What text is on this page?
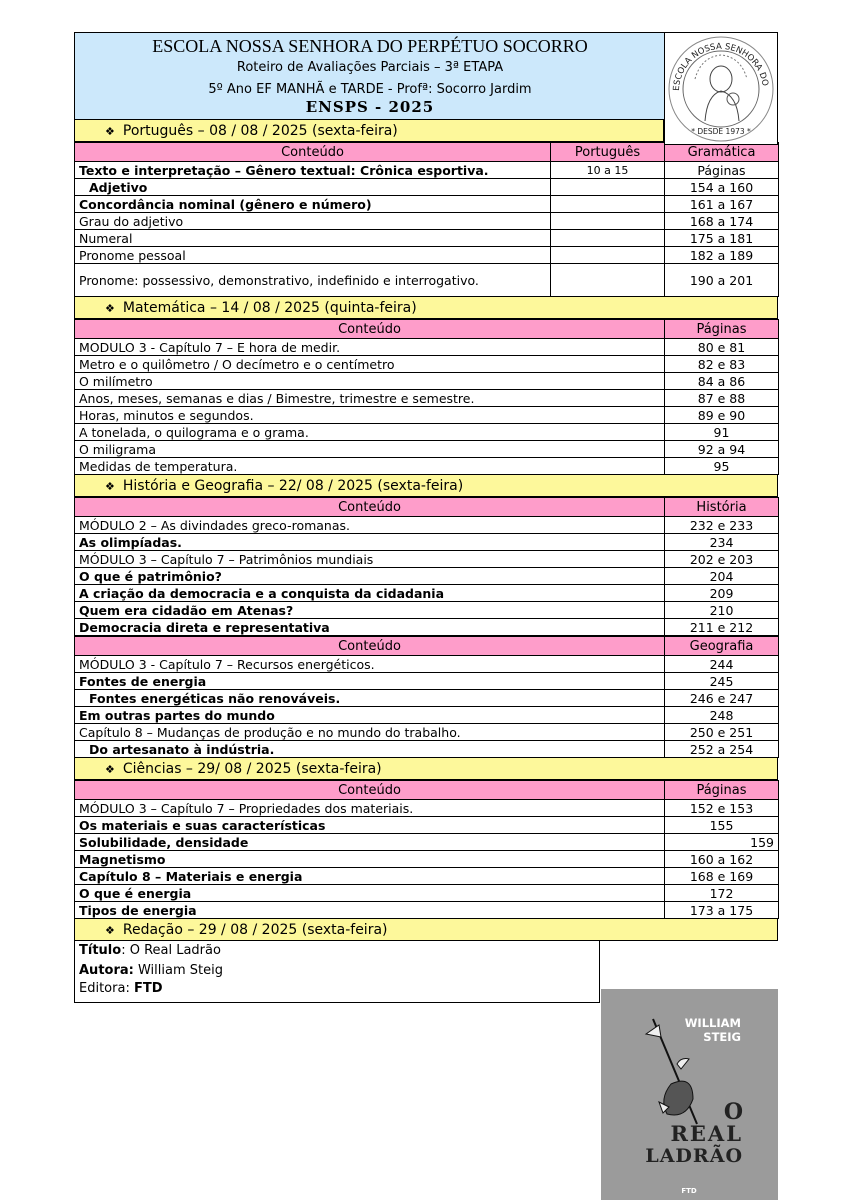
ESCOLA NOSSA SENHORA DO PERPÉTUO SOCORRO
Roteiro de Avaliações Parciais – 3ª ETAPA
5º Ano EF MANHÃ e TARDE - Profª: Socorro Jardim
ENSPS - 2025
ESCOLA NOSSA SENHORA DO
* DESDE 1973 *
❖ Português – 08 / 08 / 2025 (sexta-feira)
Conteúdo	Português	Gramática
Texto e interpretação – Gênero textual: Crônica esportiva.	10 a 15	Páginas
Adjetivo		154 a 160
Concordância nominal (gênero e número)		161 a 167
Grau do adjetivo		168 a 174
Numeral		175 a 181
Pronome pessoal		182 a 189
Pronome: possessivo, demonstrativo, indefinido e interrogativo.		190 a 201
❖ Matemática – 14 / 08 / 2025 (quinta-feira)
Conteúdo	Páginas
MODULO 3 - Capítulo 7 – E hora de medir.	80 e 81
Metro e o quilômetro / O decímetro e o centímetro	82 e 83
O milímetro	84 a 86
Anos, meses, semanas e dias / Bimestre, trimestre e semestre.	87 e 88
Horas, minutos e segundos.	89 e 90
A tonelada, o quilograma e o grama.	91
O miligrama	92 a 94
Medidas de temperatura.	95
❖ História e Geografia – 22/ 08 / 2025 (sexta-feira)
Conteúdo	História
MÓDULO 2 – As divindades greco-romanas.	232 e 233
As olimpíadas.	234
MÓDULO 3 – Capítulo 7 – Patrimônios mundiais	202 e 203
O que é patrimônio?	204
A criação da democracia e a conquista da cidadania	209
Quem era cidadão em Atenas?	210
Democracia direta e representativa	211 e 212
Conteúdo	Geografia
MÓDULO 3 - Capítulo 7 – Recursos energéticos.	244
Fontes de energia	245
Fontes energéticas não renováveis.	246 e 247
Em outras partes do mundo	248
Capítulo 8 – Mudanças de produção e no mundo do trabalho.	250 e 251
Do artesanato à indústria.	252 a 254
❖ Ciências – 29/ 08 / 2025 (sexta-feira)
Conteúdo	Páginas
MÓDULO 3 – Capítulo 7 – Propriedades dos materiais.	152 e 153
Os materiais e suas características	155
Solubilidade, densidade	159
Magnetismo	160 a 162
Capítulo 8 – Materiais e energia	168 e 169
O que é energia	172
Tipos de energia	173 a 175
❖ Redação – 29 / 08 / 2025 (sexta-feira)
Título: O Real Ladrão
Autora: William Steig
Editora: FTD
WILLIAM
STEIG
O
REAL
LADRÃO
FTD
